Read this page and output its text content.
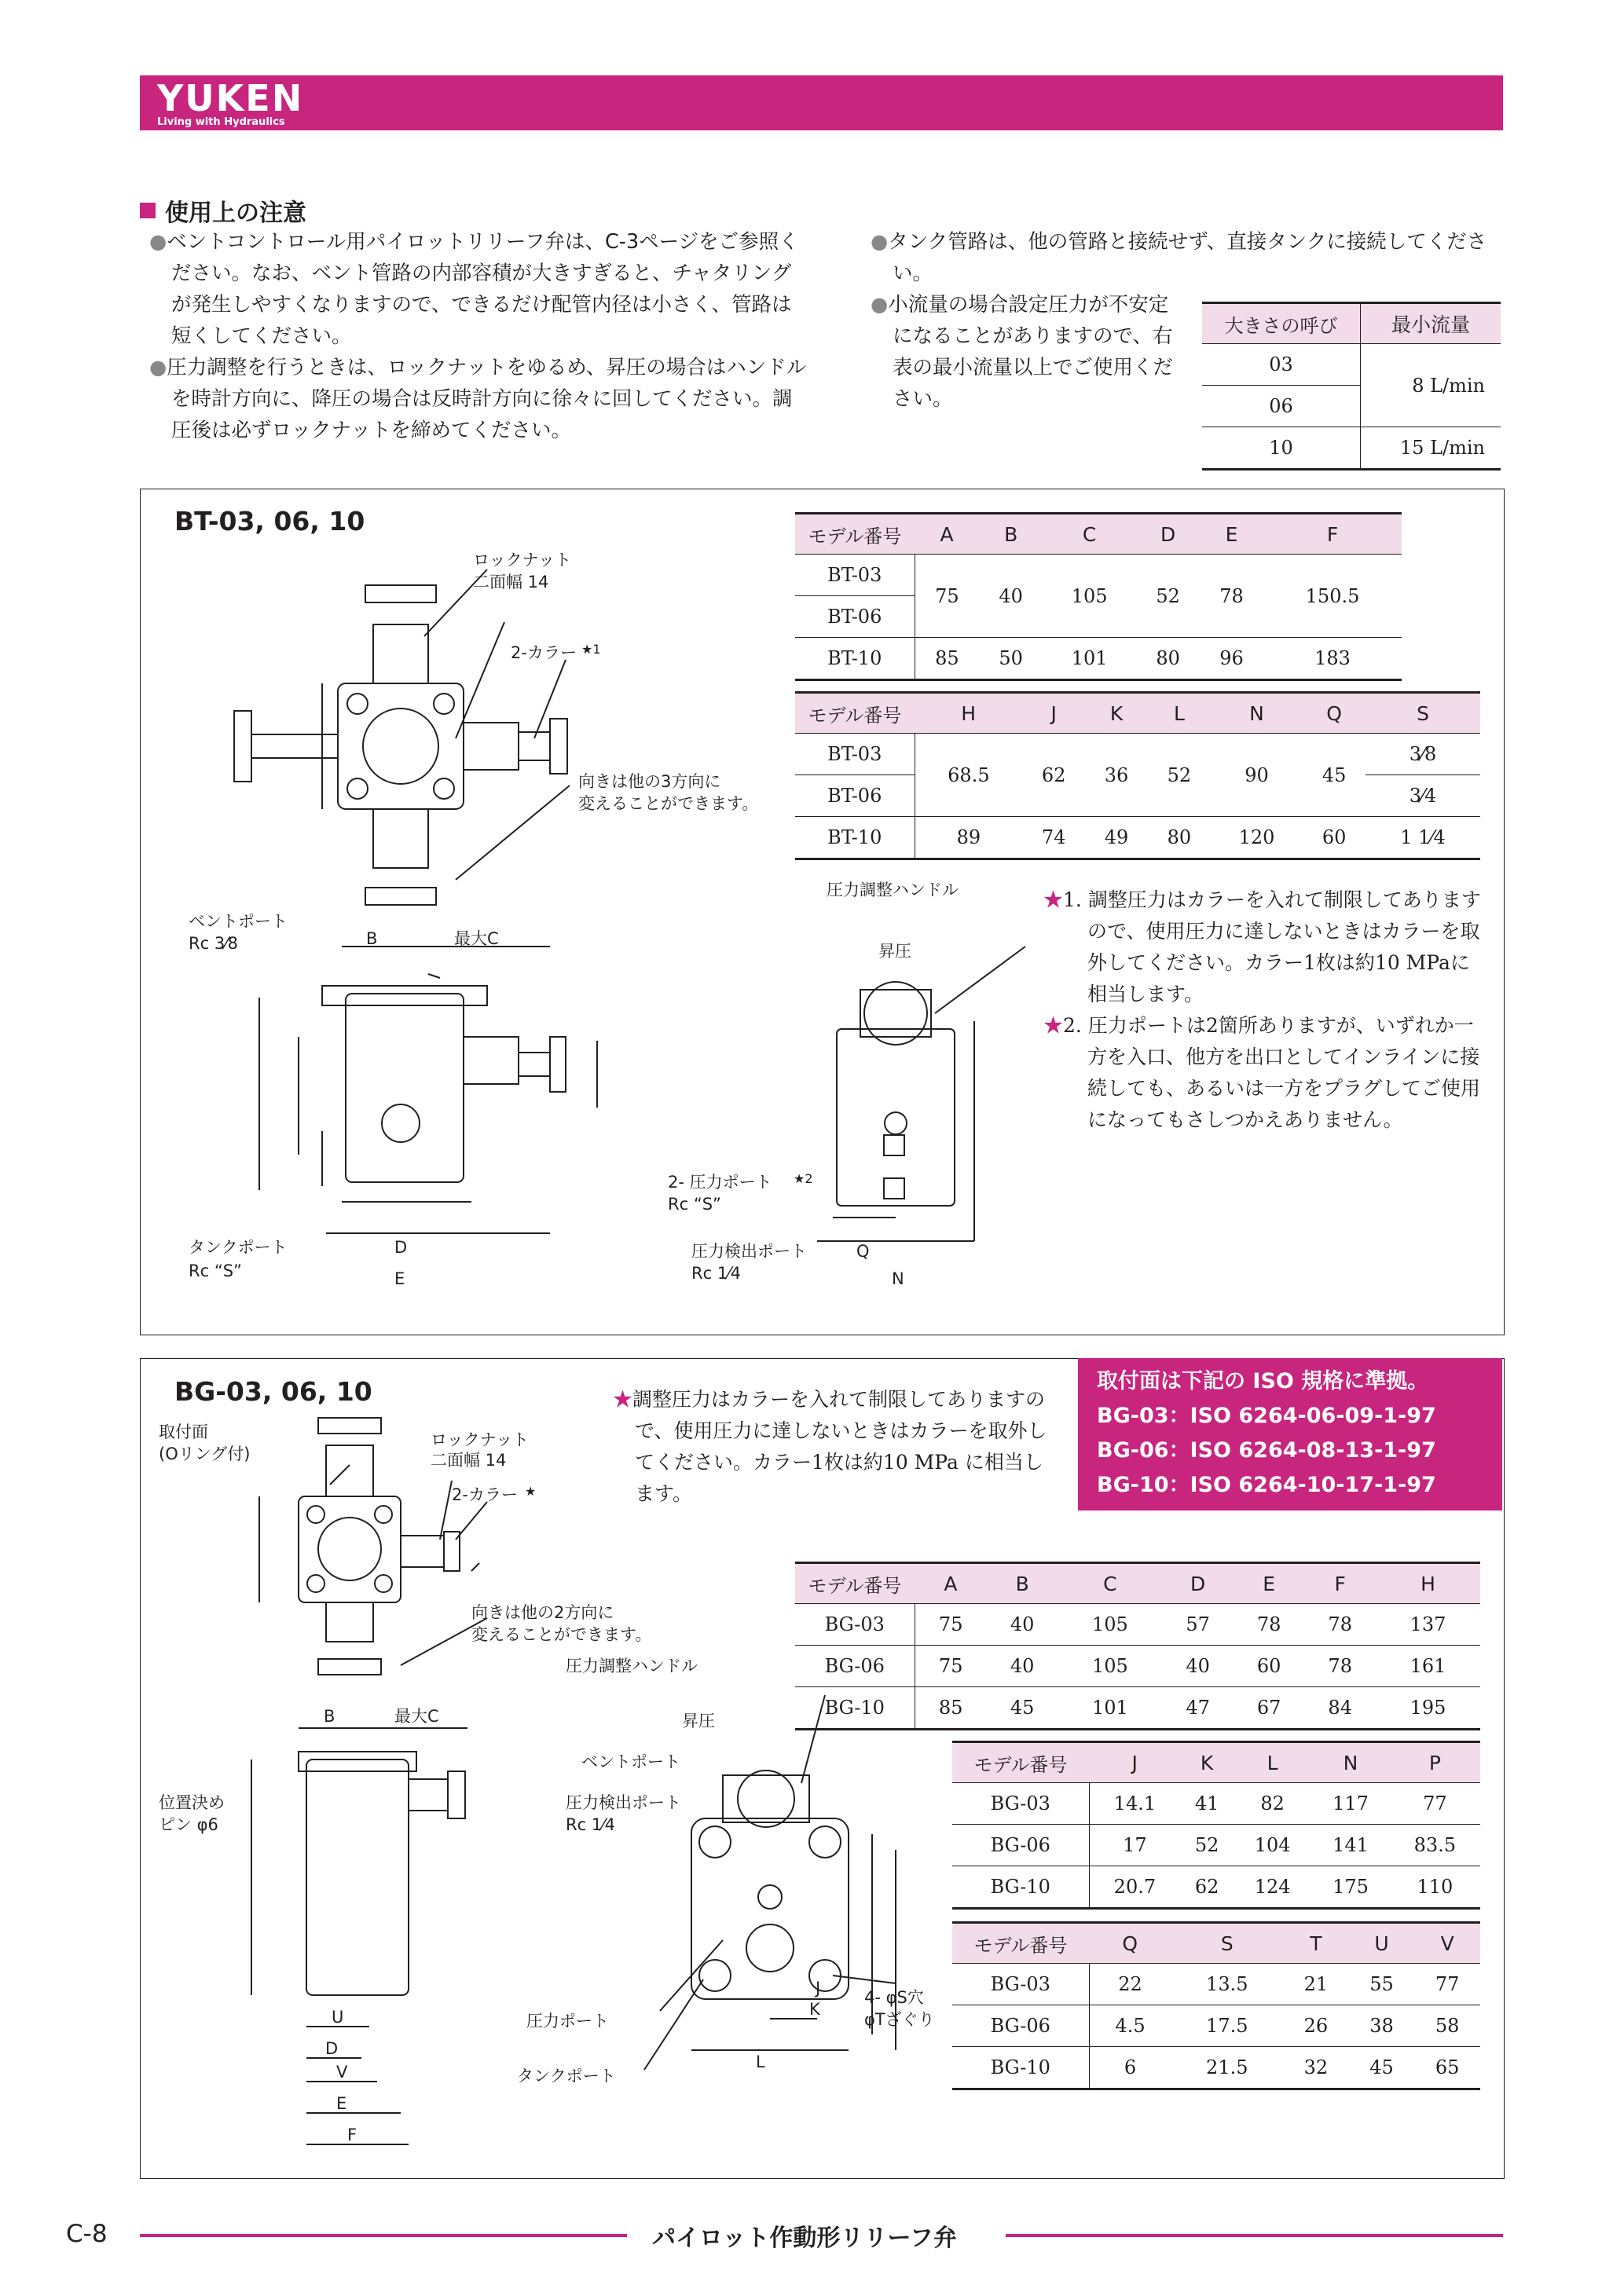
YUKEN
Living with Hydraulics
使用上の注意

●ベントコントロール用パイロットリリーフ弁は、C-3ページをご参照ください。なお、ベント管路の内部容積が大きすぎると、チャタリングが発生しやすくなりますので、できるだけ配管内径は小さく、管路は短くしてください。

●圧力調整を行うときは、ロックナットをゆるめ、昇圧の場合はハンドルを時計方向に、降圧の場合は反時計方向に徐々に回してください。調圧後は必ずロックナットを締めてください。

●タンク管路は、他の管路と接続せず、直接タンクに接続してください。

●小流量の場合設定圧力が不安定になることがありますので、右表の最小流量以上でご使用ください。

大きさの呼び	最小流量
03	8 L/min
06	
10	15 L/min
BT-03, 06, 10	モデル番号	A	B	C	D	E	F
BT-03	75	40	105	52	78	150.5
BT-06						
BT-10	85	50	101	80	96	183
モデル番号	H	J	K	L	N	Q	S
BT-03	68.5	62	36	52	90	45	3⁄8
BT-06							3⁄4
BT-10	89	74	49	80	120	60	1 1⁄4
ロックナット
二面幅 14
2-カラー ★1
向きは他の3方向に
変えることができます。
ベントポート
Rc 3⁄8	B	最大C
タンクポート
Rc “S”
D
E
2- 圧力ポート ★2
Rc “S”
圧力検出ポート
Rc 1⁄4
Q
N
圧力調整ハンドル
昇圧
★1. 調整圧力はカラーを入れて制限してありますので、使用圧力に達しないときはカラーを取外してください。カラー1枚は約10 MPaに相当します。
★2. 圧力ポートは2箇所ありますが、いずれか一方を入口、他方を出口としてインラインに接続しても、あるいは一方をプラグしてご使用になってもさしつかえありません。
BG-03, 06, 10	★調整圧力はカラーを入れて制限してありますので、使用圧力に達しないときはカラーを取外してください。カラー1枚は約10 MPa に相当します。
取付面は下記の ISO 規格に準拠。
BG-03：ISO 6264-06-09-1-97
BG-06：ISO 6264-08-13-1-97
BG-10：ISO 6264-10-17-1-97
モデル番号	A	B	C	D	E	F	H
BG-03	75	40	105	57	78	78	137
BG-06	75	40	105	40	60	78	161
BG-10	85	45	101	47	67	84	195
モデル番号	J	K	L	N	P
BG-03	14.1	41	82	117	77
BG-06	17	52	104	141	83.5
BG-10	20.7	62	124	175	110
モデル番号	Q	S	T	U	V
BG-03	22	13.5	21	55	77
BG-06	4.5	17.5	26	38	58
BG-10	6	21.5	32	45	65
取付面
(Oリング付)
ロックナット
二面幅 14
2-カラー ★
向きは他の2方向に
変えることができます。
B	最大C
位置決め
ピン φ6
圧力調整ハンドル
昇圧
ベントポート
圧力検出ポート
Rc 1⁄4
圧力ポート
タンクポート
4- φS穴
φTざぐり
U
D
V
E
F
K
J
L
C-8	パイロット作動形リリーフ弁
